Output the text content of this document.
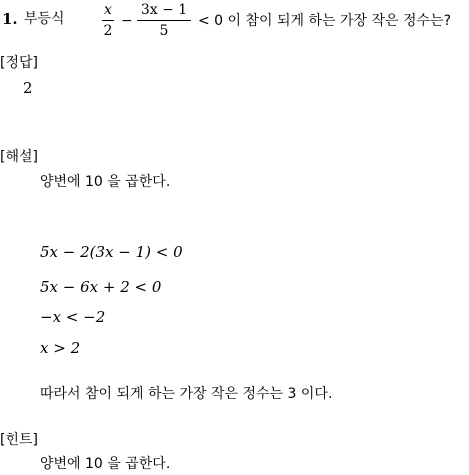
1. 부등식
x
2
−
3x − 1
5
< 0 이 참이 되게 하는 가장 작은 정수는?
[정답]
2
[해설]
양변에 10 을 곱한다.
5x − 2(3x − 1) < 0
5x − 6x + 2 < 0
−x < −2
x > 2
따라서 참이 되게 하는 가장 작은 정수는 3 이다.
[힌트]
양변에 10 을 곱한다.
